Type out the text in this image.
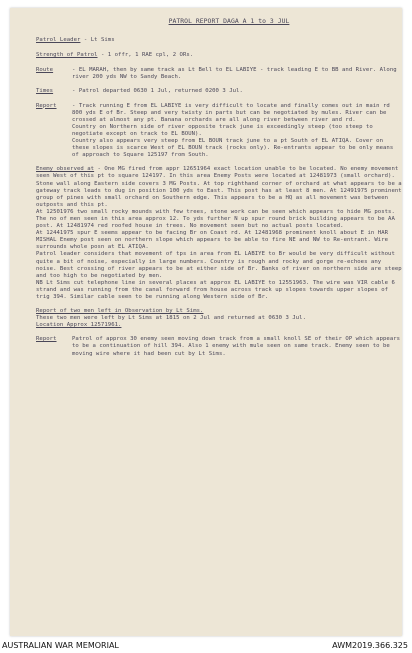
PATROL REPORT DAGA A 1 to 3 JUL
Patrol Leader - Lt Sims
Strength of Patrol - 1 offr, 1 RAE cpl, 2 ORs.
Route	- EL MARAH, then by same track as Lt Bell to EL LABIYE - track leading E to BB and River. Along river 200 yds NW to Sandy Beach.
Times	- Patrol departed 0630 1 Jul, returned 0200 3 Jul.
Report	- Track running E from EL LABIYE is very difficult to locate and finally comes out in main rd 800 yds E of Br. Steep and very twisty in parts but can be negotiated by mules. River can be crossed at almost any pt. Banana orchards are all along river between river and rd.
Country on Northern side of river opposite track june is exceedingly steep (too steep to negotiate except on track to EL BOUN).
Country also appears very steep from EL BOUN track june to a pt South of EL ATIQA. Cover on these slopes is scarce West of EL BOUN track (rocks only). Re-entrants appear to be only means of approach to Square 125197 from South.
Enemy observed at - One MG fired from appr 12651964 exact location unable to be located. No enemy movement seen West of this pt to square 124197. In this area Enemy Posts were located at 12481973 (small orchard). Stone wall along Eastern side covers 3 MG Posts. At top righthand corner of orchard at what appears to be a gateway track leads to dug in position 100 yds to East. This post has at least 8 men. At 12491975 prominent group of pines with small orchard on Southern edge. This appears to be a HQ as all movement was between outposts and this pt.
At 12501976 two small rocky mounds with few trees, stone work can be seen which appears to hide MG posts. The no of men seen in this area approx 12. To yds further N up spur round brick building appears to be AA post. At 12481974 red roofed house in trees. No movement seen but no actual posts located.
At 12441975 spur E seems appear to be facing Br on Coast rd. At 12481968 prominent knoll about E in HAR MISHAL Enemy post seen on northern slope which appears to be able to fire NE and NW to Re-entrant. Wire surrounds whole posn at EL ATIQA.
Patrol leader considers that movement of tps in area from EL LABIYE to Br would be very difficult without quite a bit of noise, especially in large numbers. Country is rough and rocky and gorge re-echoes any noise. Best crossing of river appears to be at either side of Br. Banks of river on northern side are steep and too high to be negotiated by men.
NB Lt Sims cut telephone line in several places at approx EL LABIYE to 12551963. The wire was VIR cable 6 strand and was running from the canal forward from house across track up slopes towards upper slopes of trig 394. Similar cable seen to be running along Western side of Br.
Report of two men left in Observation by Lt Sims.
These two men were left by Lt Sims at 1815 on 2 Jul and returned at 0630 3 Jul.
Location Approx 12571961.
Report	Patrol of approx 30 enemy seen moving down track from a small knoll SE of their OP which appears to be a continuation of hill 394. Also 1 enemy with mule seen on same track. Enemy seen to be moving wire where it had been cut by Lt Sims.
AUSTRALIAN WAR MEMORIAL	AWM2019.366.325
